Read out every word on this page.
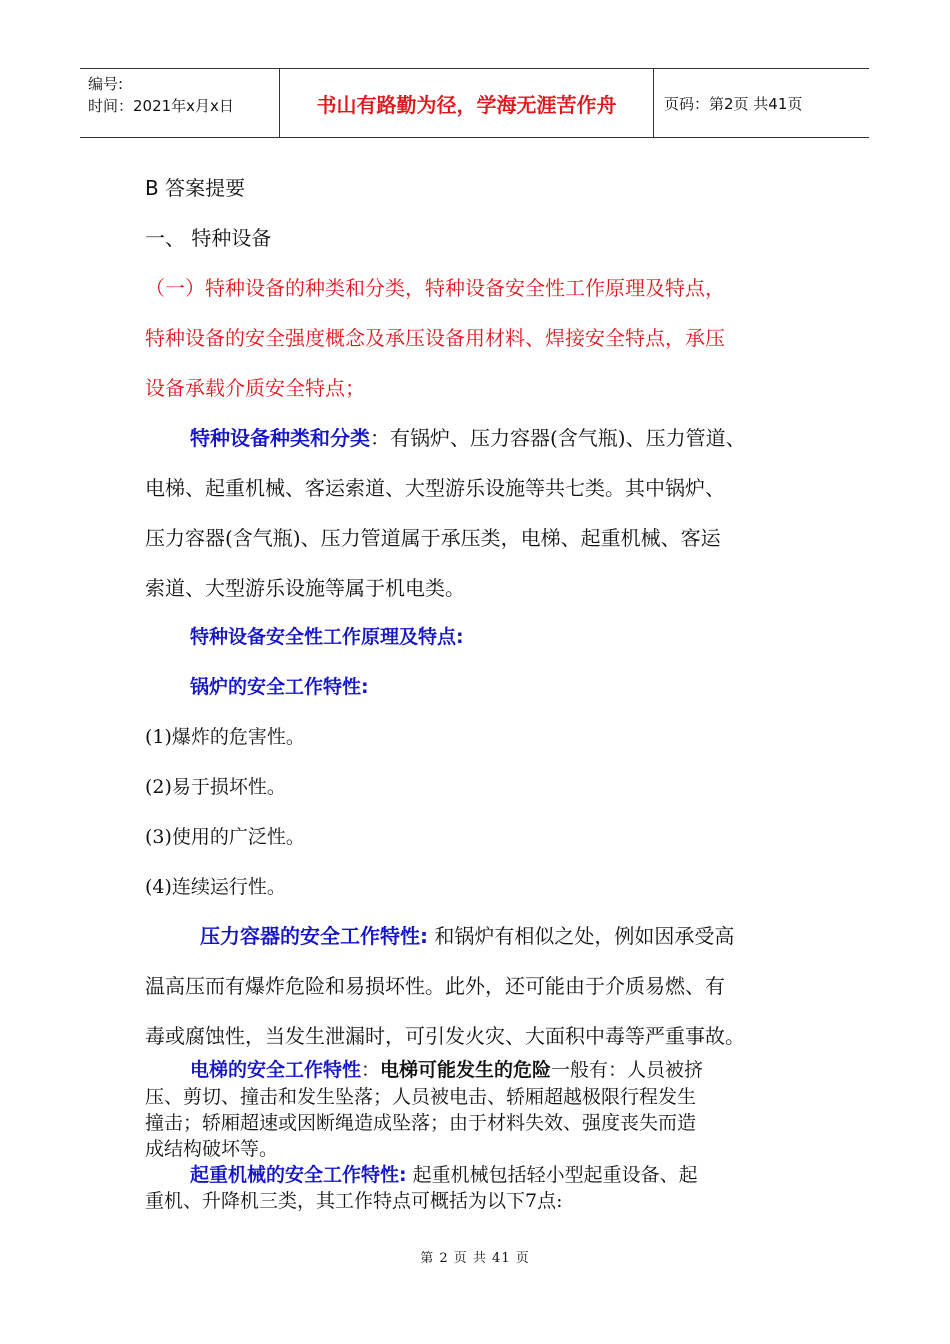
编号:
时间：2021年x月x日	书山有路勤为径，学海无涯苦作舟	页码：第2页 共41页
B 答案提要
一、 特种设备
（一）特种设备的种类和分类，特种设备安全性工作原理及特点，
特种设备的安全强度概念及承压设备用材料、焊接安全特点，承压
设备承载介质安全特点；
特种设备种类和分类：有锅炉、压力容器(含气瓶)、压力管道、
电梯、起重机械、客运索道、大型游乐设施等共七类。其中锅炉、
压力容器(含气瓶)、压力管道属于承压类，电梯、起重机械、客运
索道、大型游乐设施等属于机电类。
特种设备安全性工作原理及特点:
锅炉的安全工作特性:
(1)爆炸的危害性。
(2)易于损坏性。
(3)使用的广泛性。
(4)连续运行性。
压力容器的安全工作特性: 和锅炉有相似之处，例如因承受高
温高压而有爆炸危险和易损坏性。此外，还可能由于介质易燃、有
毒或腐蚀性，当发生泄漏时，可引发火灾、大面积中毒等严重事故。
电梯的安全工作特性：电梯可能发生的危险一般有：人员被挤
压、剪切、撞击和发生坠落；人员被电击、轿厢超越极限行程发生
撞击；轿厢超速或因断绳造成坠落；由于材料失效、强度丧失而造
成结构破坏等。
起重机械的安全工作特性: 起重机械包括轻小型起重设备、起
重机、升降机三类，其工作特点可概括为以下7点:
第 2 页 共 41 页
